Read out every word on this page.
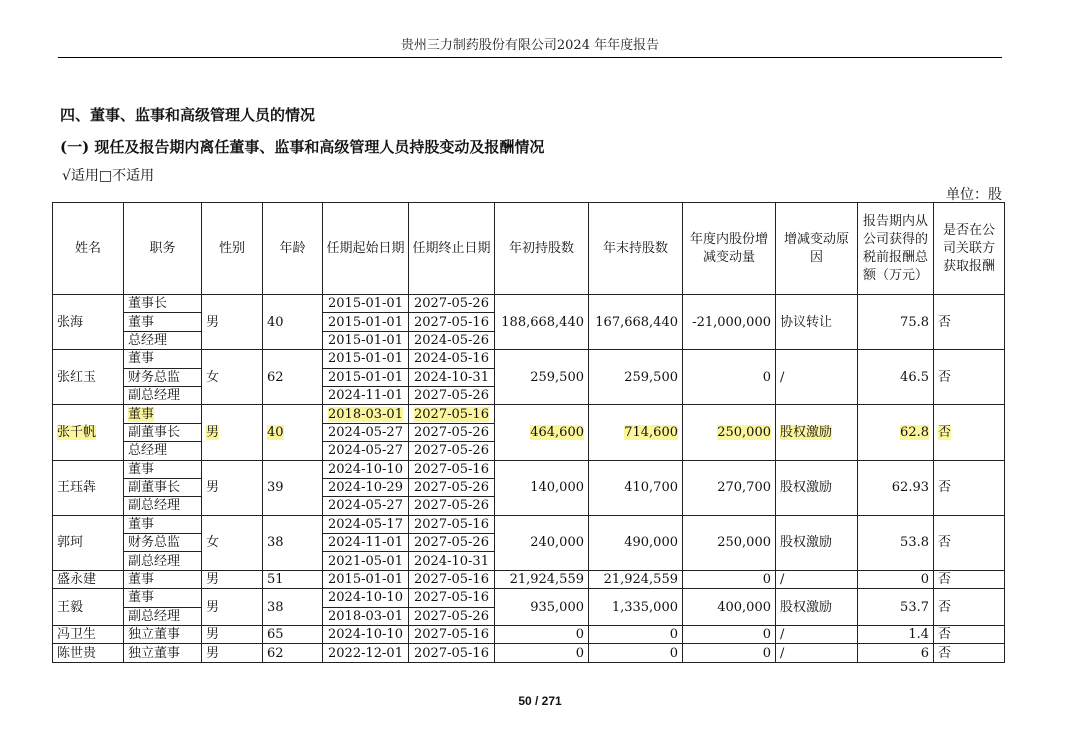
贵州三力制药股份有限公司2024 年年度报告
四、董事、监事和高级管理人员的情况
(一) 现任及报告期内离任董事、监事和高级管理人员持股变动及报酬情况
√适用□不适用
单位：股
姓名	职务	性别	年龄	任期起始日期	任期终止日期	年初持股数	年末持股数	年度内股份增减变动量	增减变动原因	报告期内从公司获得的税前报酬总额（万元）	是否在公司关联方获取报酬
张海	董事长	男	40	2015-01-01	2027-05-26	188,668,440	167,668,440	-21,000,000	协议转让	75.8	否
	董事			2015-01-01	2027-05-16						
	总经理			2015-01-01	2024-05-26						
张红玉	董事	女	62	2015-01-01	2024-05-16	259,500	259,500	0	/	46.5	否
	财务总监			2015-01-01	2024-10-31						
	副总经理			2024-11-01	2027-05-26						
张千帆	董事	男	40	2018-03-01	2027-05-16	464,600	714,600	250,000	股权激励	62.8	否
	副董事长			2024-05-27	2027-05-26						
	总经理			2024-05-27	2027-05-26						
王珏犇	董事	男	39	2024-10-10	2027-05-16	140,000	410,700	270,700	股权激励	62.93	否
	副董事长			2024-10-29	2027-05-26						
	副总经理			2024-05-27	2027-05-26						
郭珂	董事	女	38	2024-05-17	2027-05-16	240,000	490,000	250,000	股权激励	53.8	否
	财务总监			2024-11-01	2027-05-26						
	副总经理			2021-05-01	2024-10-31						
盛永建	董事	男	51	2015-01-01	2027-05-16	21,924,559	21,924,559	0	/	0	否
王毅	董事	男	38	2024-10-10	2027-05-16	935,000	1,335,000	400,000	股权激励	53.7	否
	副总经理			2018-03-01	2027-05-26						
冯卫生	独立董事	男	65	2024-10-10	2027-05-16	0	0	0	/	1.4	否
陈世贵	独立董事	男	62	2022-12-01	2027-05-16	0	0	0	/	6	否
50 / 271
